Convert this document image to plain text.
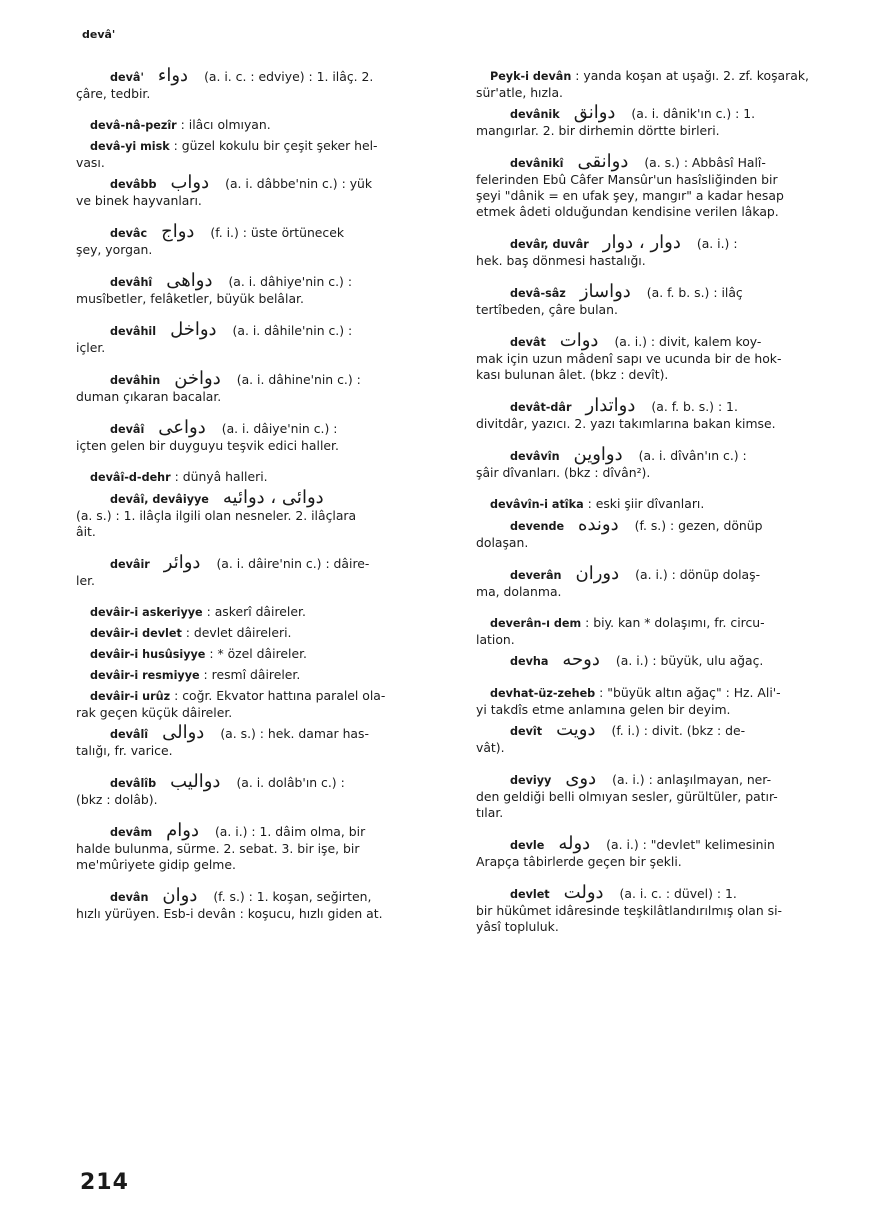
devâ'
devâ' دواء (a. i. c. : edviye) : 1. ilâç. 2.
çâre, tedbir.
devâ-nâ-pezîr
: ilâcı olmıyan.
devâ-yi misk
: güzel kokulu bir çeşit şeker hel-
vası.
devâbb دواب (a. i. dâbbe'nin c.) : yük
ve binek hayvanları.
devâc دواج (f. i.) : üste örtünecek
şey, yorgan.
devâhî دواهى (a. i. dâhiye'nin c.) :
musîbetler, felâketler, büyük belâlar.
devâhil دواخل (a. i. dâhile'nin c.) :
içler.
devâhin دواخن (a. i. dâhine'nin c.) :
duman çıkaran bacalar.
devâî دواعى (a. i. dâiye'nin c.) :
içten gelen bir duyguyu teşvik edici haller.
devâî-d-dehr
: dünyâ halleri.
devâî, devâiyye دوائى ، دوائيه
(a. s.) : 1. ilâçla ilgili olan nesneler. 2. ilâçlara
âit.
devâir دوائر (a. i. dâire'nin c.) : dâire-
ler.
devâir-i askeriyye
: askerî dâireler.
devâir-i devlet
: devlet dâireleri.
devâir-i husûsiyye
: * özel dâireler.
devâir-i resmiyye
: resmî dâireler.
devâir-i urûz
: coğr. Ekvator hattına paralel ola-
rak geçen küçük dâireler.
devâlî دوالى (a. s.) : hek. damar has-
talığı, fr. varice.
devâlîb دواليب (a. i. dolâb'ın c.) :
(bkz : dolâb).
devâm دوام (a. i.) : 1. dâim olma, bir
halde bulunma, sürme. 2. sebat. 3. bir işe, bir
me'mûriyete gidip gelme.
devân دوان (f. s.) : 1. koşan, seğirten,
hızlı yürüyen. Esb-i devân : koşucu, hızlı giden at.
Peyk-i devân
: yanda koşan at uşağı. 2. zf. koşarak,
sür'atle, hızla.
devânik دوانق (a. i. dânik'ın c.) : 1.
mangırlar. 2. bir dirhemin dörtte birleri.
devânikî دوانقى (a. s.) : Abbâsî Halî-
felerinden Ebû Câfer Mansûr'un hasîsliğinden bir
şeyi "dânik = en ufak şey, mangır" a kadar hesap
etmek âdeti olduğundan kendisine verilen lâkap.
devâr, duvâr دوار ، دوار (a. i.) :
hek. baş dönmesi hastalığı.
devâ-sâz دواساز (a. f. b. s.) : ilâç
tertîbeden, çâre bulan.
devât دوات (a. i.) : divit, kalem koy-
mak için uzun mâdenî sapı ve ucunda bir de hok-
kası bulunan âlet. (bkz : devît).
devât-dâr دواتدار (a. f. b. s.) : 1.
divitdâr, yazıcı. 2. yazı takımlarına bakan kimse.
devâvîn دواوين (a. i. dîvân'ın c.) :
şâir dîvanları. (bkz : dîvân²).
devâvîn-i atîka
: eski şiir dîvanları.
devende دونده (f. s.) : gezen, dönüp
dolaşan.
deverân دوران (a. i.) : dönüp dolaş-
ma, dolanma.
deverân-ı dem
: biy. kan * dolaşımı, fr. circu-
lation.
devha دوحه (a. i.) : büyük, ulu ağaç.
devhat-üz-zeheb
: "büyük altın ağaç" : Hz. Ali'-
yi takdîs etme anlamına gelen bir deyim.
devît دويت (f. i.) : divit. (bkz : de-
vât).
deviyy دوى (a. i.) : anlaşılmayan, ner-
den geldiği belli olmıyan sesler, gürültüler, patır-
tılar.
devle دوله (a. i.) : "devlet" kelimesinin
Arapça tâbirlerde geçen bir şekli.
devlet دولت (a. i. c. : düvel) : 1.
bir hükûmet idâresinde teşkilâtlandırılmış olan si-
yâsî topluluk.
214
